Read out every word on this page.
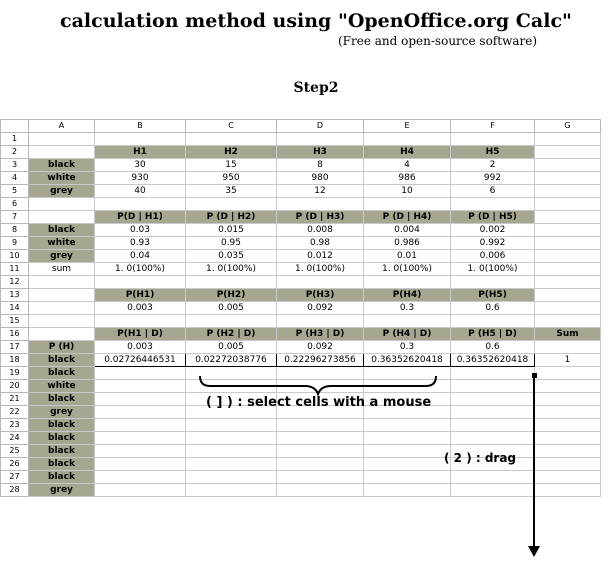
calculation method using "OpenOffice.org Calc"
(Free and open-source software)
Step2
	A	B	C	D	E	F	G
1							
2		H1	H2	H3	H4	H5	
3	black	30	15	8	4	2	
4	white	930	950	980	986	992	
5	grey	40	35	12	10	6	
6							
7		P(D | H1)	P (D | H2)	P (D | H3)	P (D | H4)	P (D | H5)	
8	black	0.03	0.015	0.008	0.004	0.002	
9	white	0.93	0.95	0.98	0.986	0.992	
10	grey	0.04	0.035	0.012	0.01	0.006	
11	sum	1. 0(100%)	1. 0(100%)	1. 0(100%)	1. 0(100%)	1. 0(100%)	
12							
13		P(H1)	P(H2)	P(H3)	P(H4)	P(H5)	
14		0.003	0.005	0.092	0.3	0.6	
15							
16		P(H1 | D)	P (H2 | D)	P (H3 | D)	P (H4 | D)	P (H5 | D)	Sum
17	P (H)	0.003	0.005	0.092	0.3	0.6	
18	black	0.02726446531	0.02272038776	0.22296273856	0.36352620418	0.36352620418	1
19	black						
20	white						
21	black						
22	grey						
23	black						
24	black						
25	black						
26	black						
27	black						
28	grey						
( ] ) : select cells with a mouse
( 2 ) : drag
